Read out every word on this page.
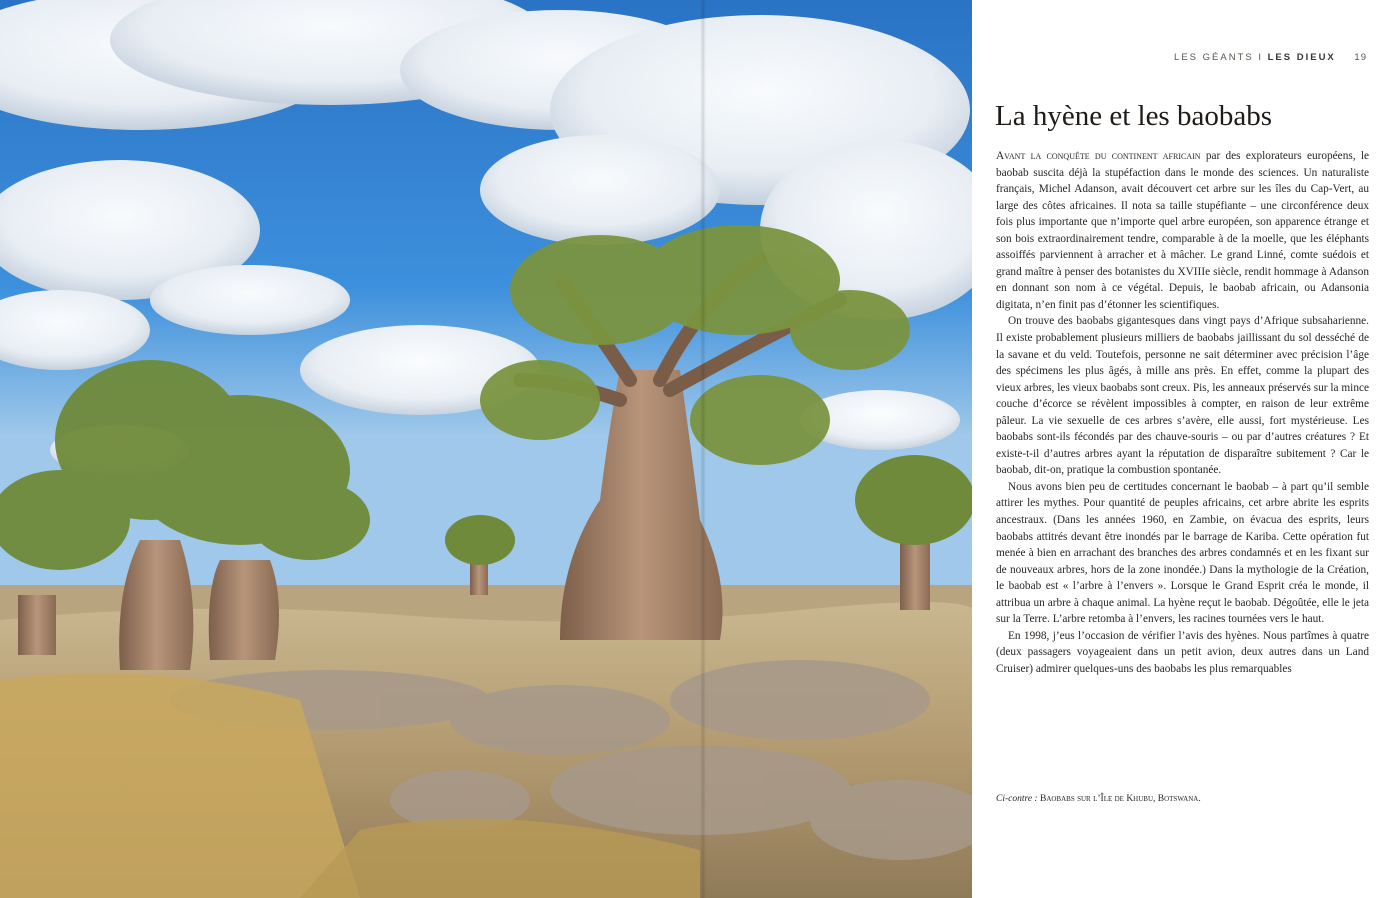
LES GÉANTS I LES DIEUX 19
La hyène et les baobabs

Avant la conquête du continent africain par des explorateurs européens, le baobab suscita déjà la stupéfaction dans le monde des sciences. Un naturaliste français, Michel Adanson, avait découvert cet arbre sur les îles du Cap-Vert, au large des côtes africaines. Il nota sa taille stupéfiante – une circonférence deux fois plus importante que n’importe quel arbre européen, son apparence étrange et son bois extraordinairement tendre, comparable à de la moelle, que les éléphants assoiffés parviennent à arracher et à mâcher. Le grand Linné, comte suédois et grand maître à penser des botanistes du XVIIIe siècle, rendit hommage à Adanson en donnant son nom à ce végétal. Depuis, le baobab africain, ou Adansonia digitata, n’en finit pas d’étonner les scientifiques.

On trouve des baobabs gigantesques dans vingt pays d’Afrique subsaharienne. Il existe probablement plusieurs milliers de baobabs jaillissant du sol desséché de la savane et du veld. Toutefois, personne ne sait déterminer avec précision l’âge des spécimens les plus âgés, à mille ans près. En effet, comme la plupart des vieux arbres, les vieux baobabs sont creux. Pis, les anneaux préservés sur la mince couche d’écorce se révèlent impossibles à compter, en raison de leur extrême pâleur. La vie sexuelle de ces arbres s’avère, elle aussi, fort mystérieuse. Les baobabs sont-ils fécondés par des chauve-souris – ou par d’autres créatures ? Et existe-t-il d’autres arbres ayant la réputation de disparaître subitement ? Car le baobab, dit-on, pratique la combustion spontanée.

Nous avons bien peu de certitudes concernant le baobab – à part qu’il semble attirer les mythes. Pour quantité de peuples africains, cet arbre abrite les esprits ancestraux. (Dans les années 1960, en Zambie, on évacua des esprits, leurs baobabs attitrés devant être inondés par le barrage de Kariba. Cette opération fut menée à bien en arrachant des branches des arbres condamnés et en les fixant sur de nouveaux arbres, hors de la zone inondée.) Dans la mythologie de la Création, le baobab est « l’arbre à l’envers ». Lorsque le Grand Esprit créa le monde, il attribua un arbre à chaque animal. La hyène reçut le baobab. Dégoûtée, elle le jeta sur la Terre. L’arbre retomba à l’envers, les racines tournées vers le haut.

En 1998, j’eus l’occasion de vérifier l’avis des hyènes. Nous partîmes à quatre (deux passagers voyageaient dans un petit avion, deux autres dans un Land Cruiser) admirer quelques-uns des baobabs les plus remarquables

Ci-contre : Baobabs sur l’Île de Khubu, Botswana.
